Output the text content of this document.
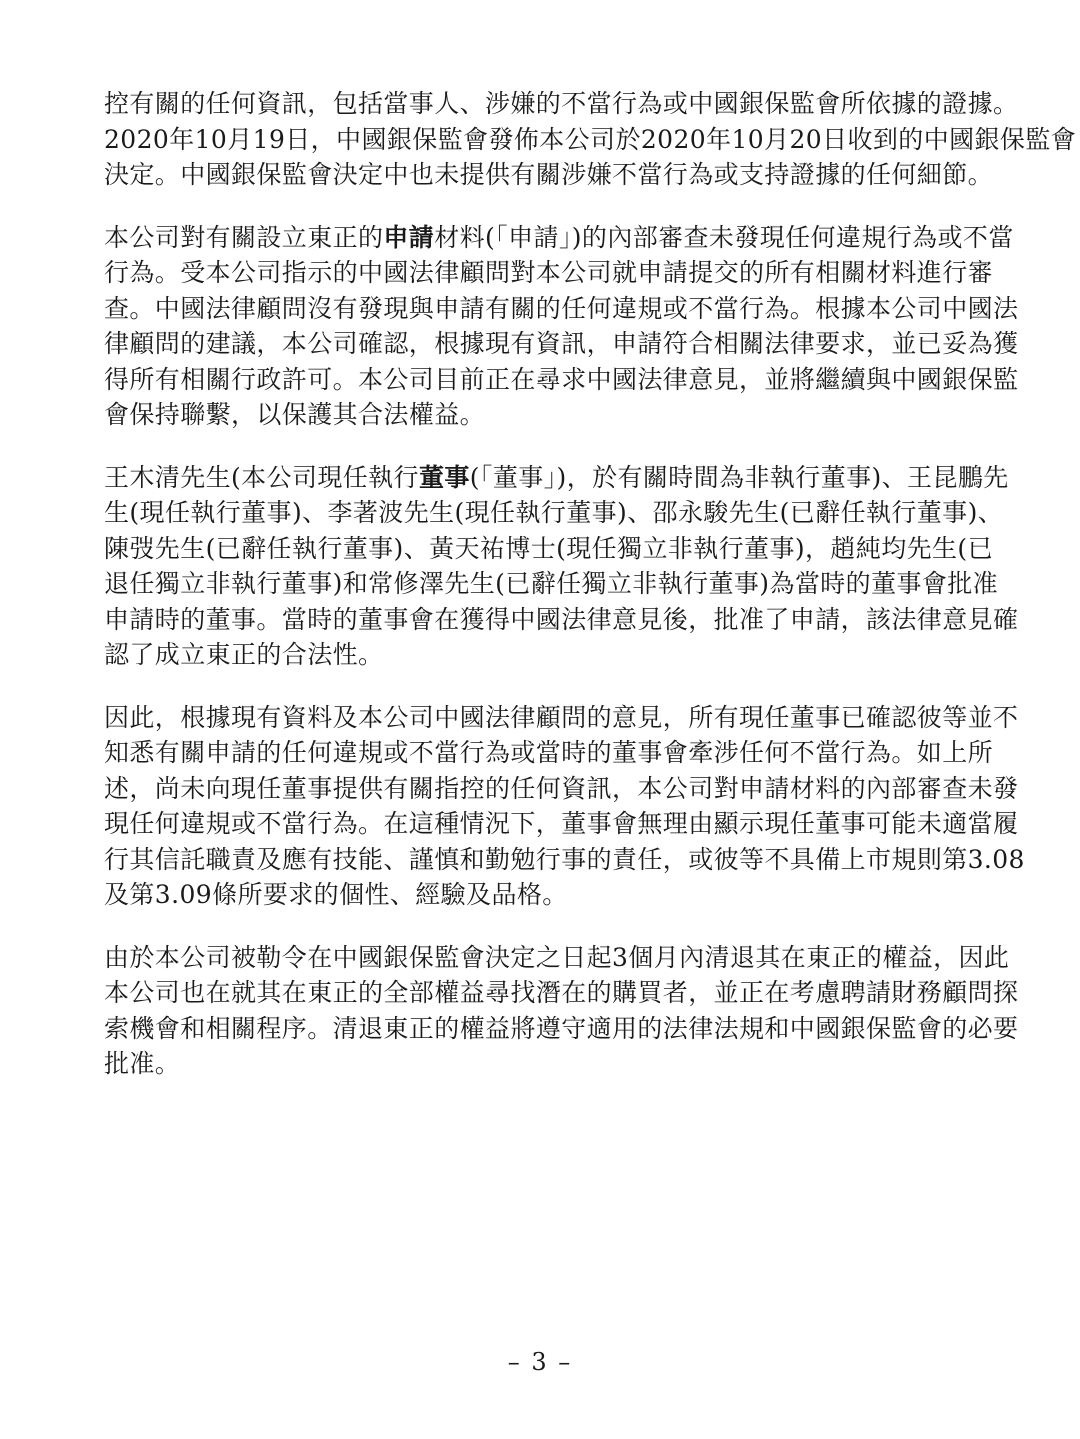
控有關的任何資訊，包括當事人、涉嫌的不當行為或中國銀保監會所依據的證據。
2020年10月19日，中國銀保監會發佈本公司於2020年10月20日收到的中國銀保監會
決定。中國銀保監會決定中也未提供有關涉嫌不當行為或支持證據的任何細節。
本公司對有關設立東正的申請材料(「申請」)的內部審查未發現任何違規行為或不當
行為。受本公司指示的中國法律顧問對本公司就申請提交的所有相關材料進行審
查。中國法律顧問沒有發現與申請有關的任何違規或不當行為。根據本公司中國法
律顧問的建議，本公司確認，根據現有資訊，申請符合相關法律要求，並已妥為獲
得所有相關行政許可。本公司目前正在尋求中國法律意見，並將繼續與中國銀保監
會保持聯繫，以保護其合法權益。
王木清先生(本公司現任執行董事(「董事」)，於有關時間為非執行董事)、王昆鵬先
生(現任執行董事)、李著波先生(現任執行董事)、邵永駿先生(已辭任執行董事)、
陳弢先生(已辭任執行董事)、黃天祐博士(現任獨立非執行董事)，趙純均先生(已
退任獨立非執行董事)和常修澤先生(已辭任獨立非執行董事)為當時的董事會批准
申請時的董事。當時的董事會在獲得中國法律意見後，批准了申請，該法律意見確
認了成立東正的合法性。
因此，根據現有資料及本公司中國法律顧問的意見，所有現任董事已確認彼等並不
知悉有關申請的任何違規或不當行為或當時的董事會牽涉任何不當行為。如上所
述，尚未向現任董事提供有關指控的任何資訊，本公司對申請材料的內部審查未發
現任何違規或不當行為。在這種情況下，董事會無理由顯示現任董事可能未適當履
行其信託職責及應有技能、謹慎和勤勉行事的責任，或彼等不具備上市規則第3.08
及第3.09條所要求的個性、經驗及品格。
由於本公司被勒令在中國銀保監會決定之日起3個月內清退其在東正的權益，因此
本公司也在就其在東正的全部權益尋找潛在的購買者，並正在考慮聘請財務顧問探
索機會和相關程序。清退東正的權益將遵守適用的法律法規和中國銀保監會的必要
批准。
– 3 –
